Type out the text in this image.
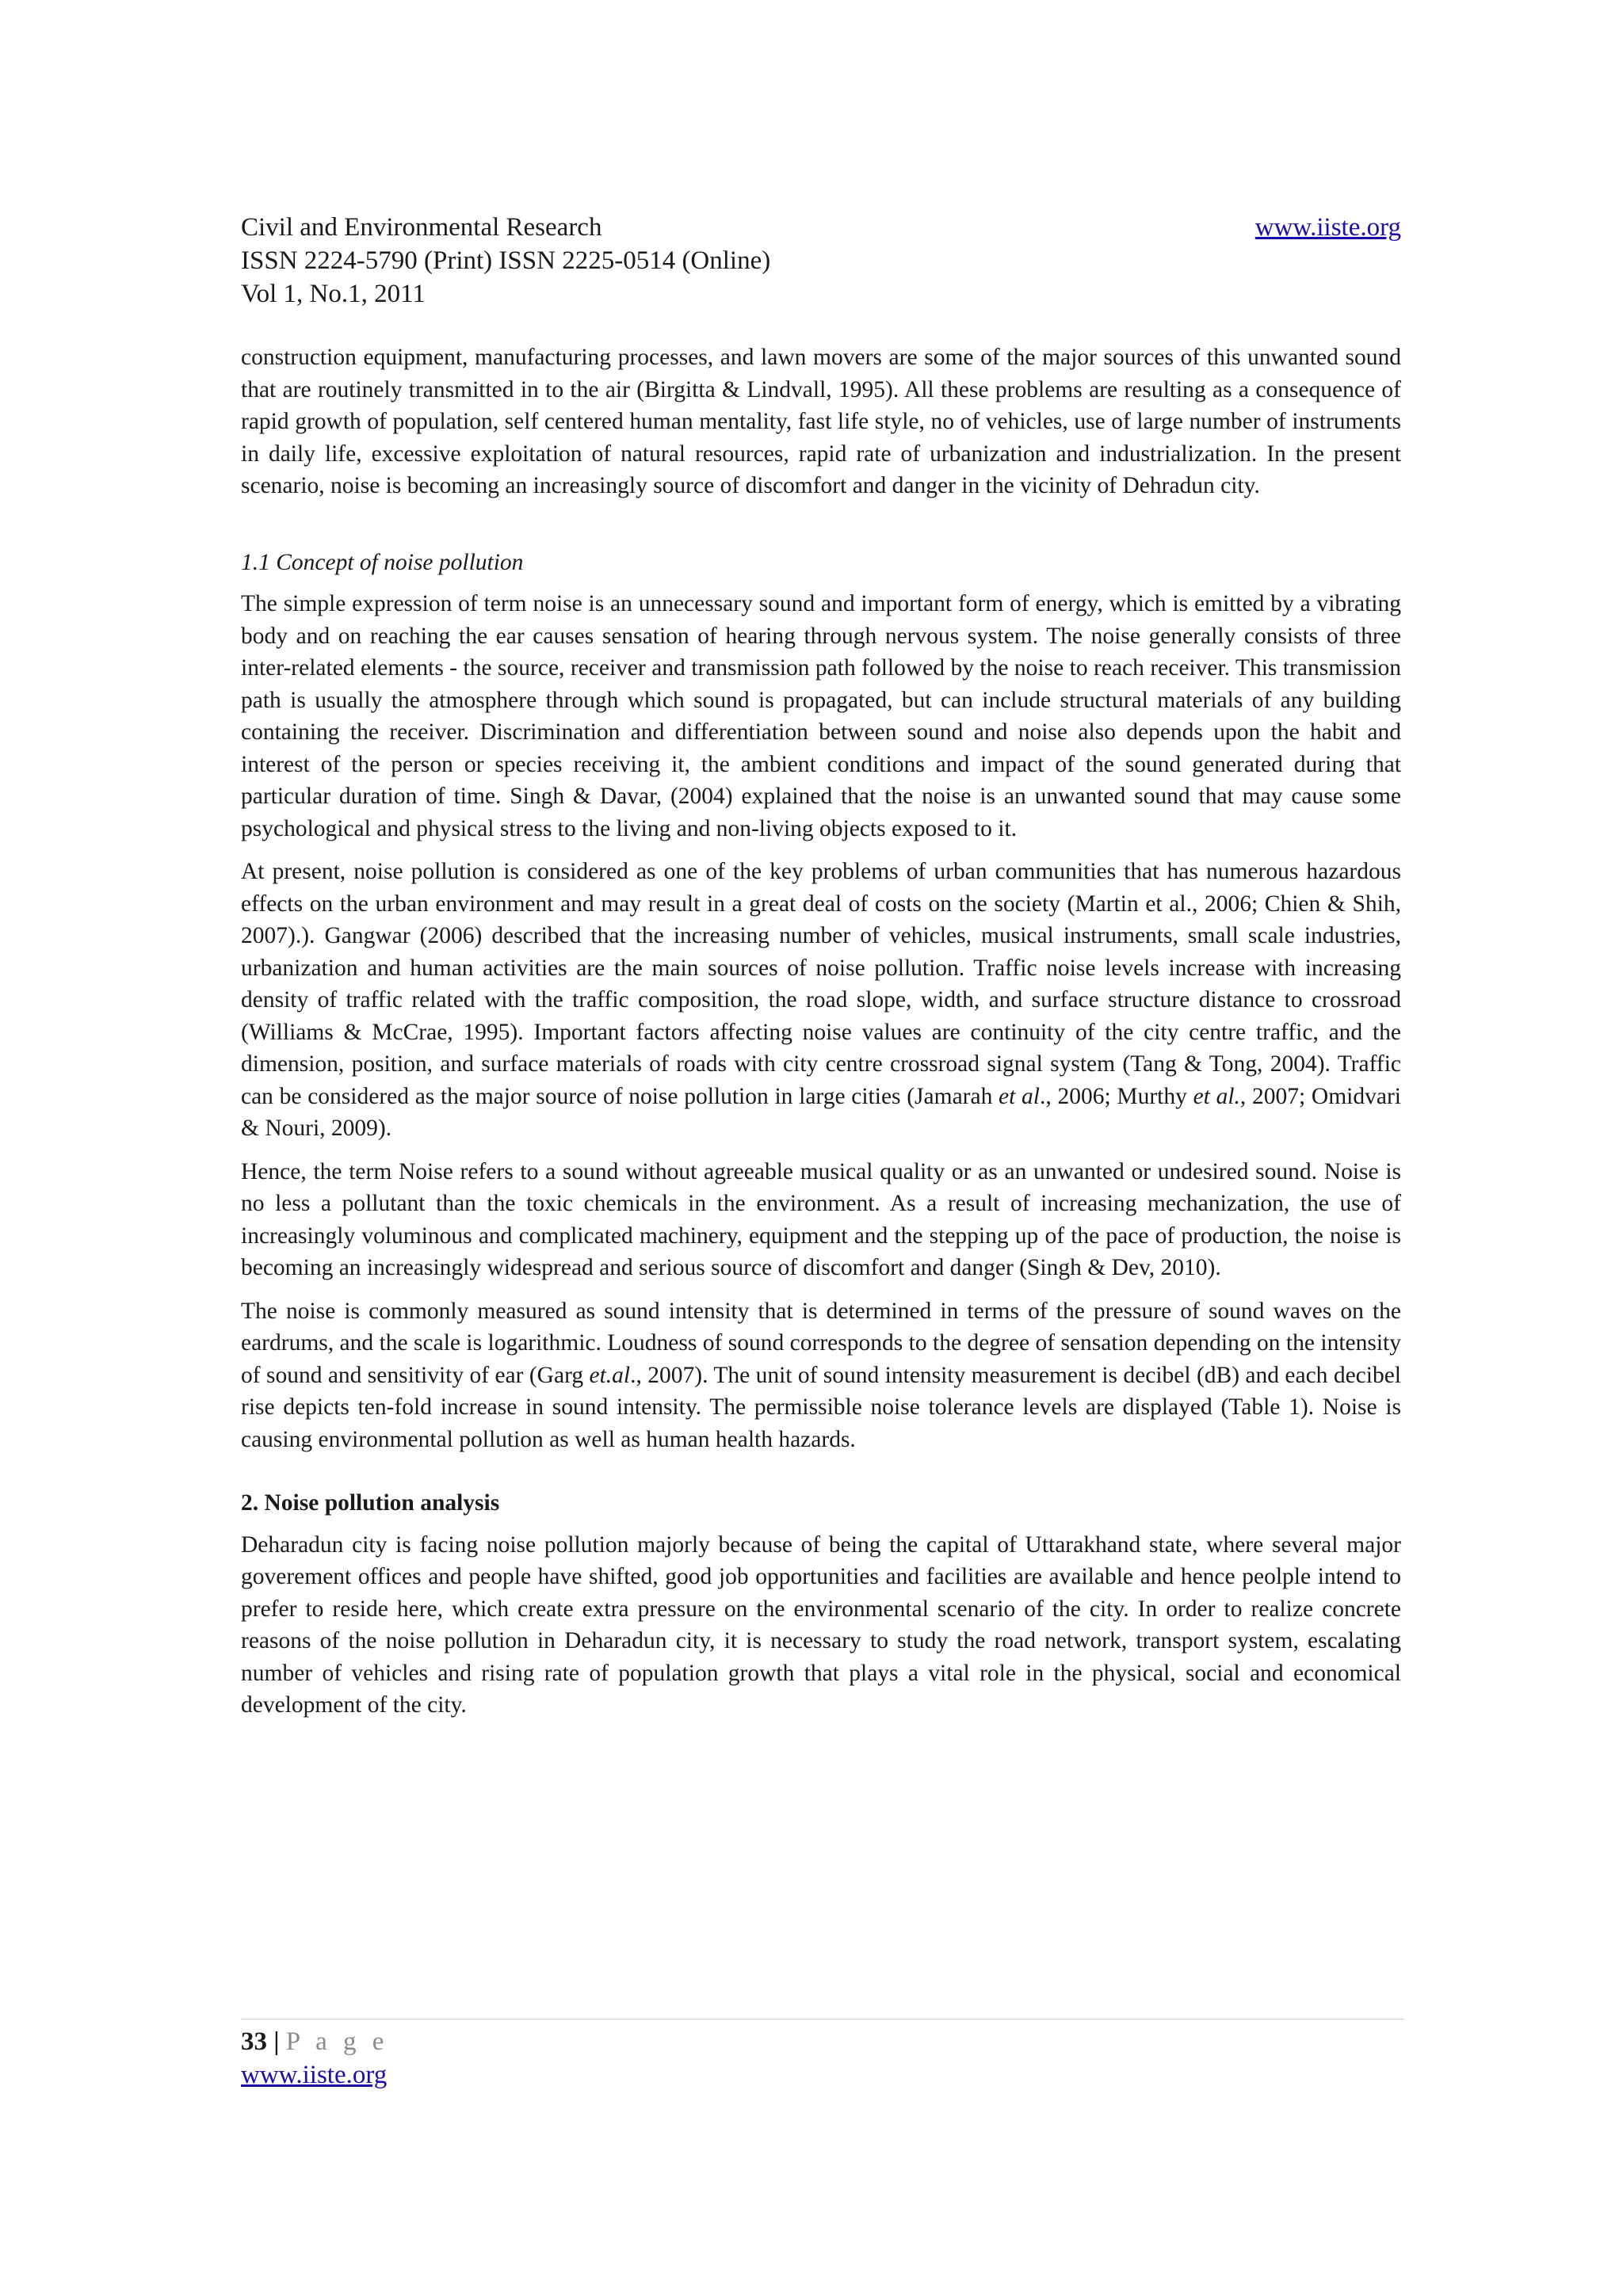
Civil and Environmental Research
ISSN 2224-5790 (Print) ISSN 2225-0514 (Online)
Vol 1, No.1, 2011
www.iiste.org

construction equipment, manufacturing processes, and lawn movers are some of the major sources of this unwanted sound that are routinely transmitted in to the air (Birgitta & Lindvall, 1995). All these problems are resulting as a consequence of rapid growth of population, self centered human mentality, fast life style, no of vehicles, use of large number of instruments in daily life, excessive exploitation of natural resources, rapid rate of urbanization and industrialization. In the present scenario, noise is becoming an increasingly source of discomfort and danger in the vicinity of Dehradun city.

1.1 Concept of noise pollution

The simple expression of term noise is an unnecessary sound and important form of energy, which is emitted by a vibrating body and on reaching the ear causes sensation of hearing through nervous system. The noise generally consists of three inter-related elements - the source, receiver and transmission path followed by the noise to reach receiver. This transmission path is usually the atmosphere through which sound is propagated, but can include structural materials of any building containing the receiver. Discrimination and differentiation between sound and noise also depends upon the habit and interest of the person or species receiving it, the ambient conditions and impact of the sound generated during that particular duration of time. Singh & Davar, (2004) explained that the noise is an unwanted sound that may cause some psychological and physical stress to the living and non-living objects exposed to it.

At present, noise pollution is considered as one of the key problems of urban communities that has numerous hazardous effects on the urban environment and may result in a great deal of costs on the society (Martin et al., 2006; Chien & Shih, 2007).). Gangwar (2006) described that the increasing number of vehicles, musical instruments, small scale industries, urbanization and human activities are the main sources of noise pollution. Traffic noise levels increase with increasing density of traffic related with the traffic composition, the road slope, width, and surface structure distance to crossroad (Williams & McCrae, 1995). Important factors affecting noise values are continuity of the city centre traffic, and the dimension, position, and surface materials of roads with city centre crossroad signal system (Tang & Tong, 2004). Traffic can be considered as the major source of noise pollution in large cities (Jamarah et al., 2006; Murthy et al., 2007; Omidvari & Nouri, 2009).

Hence, the term Noise refers to a sound without agreeable musical quality or as an unwanted or undesired sound. Noise is no less a pollutant than the toxic chemicals in the environment. As a result of increasing mechanization, the use of increasingly voluminous and complicated machinery, equipment and the stepping up of the pace of production, the noise is becoming an increasingly widespread and serious source of discomfort and danger (Singh & Dev, 2010).

The noise is commonly measured as sound intensity that is determined in terms of the pressure of sound waves on the eardrums, and the scale is logarithmic. Loudness of sound corresponds to the degree of sensation depending on the intensity of sound and sensitivity of ear (Garg et.al., 2007). The unit of sound intensity measurement is decibel (dB) and each decibel rise depicts ten-fold increase in sound intensity. The permissible noise tolerance levels are displayed (Table 1). Noise is causing environmental pollution as well as human health hazards.

2. Noise pollution analysis

Deharadun city is facing noise pollution majorly because of being the capital of Uttarakhand state, where several major goverement offices and people have shifted, good job opportunities and facilities are available and hence peolple intend to prefer to reside here, which create extra pressure on the environmental scenario of the city. In order to realize concrete reasons of the noise pollution in Deharadun city, it is necessary to study the road network, transport system, escalating number of vehicles and rising rate of population growth that plays a vital role in the physical, social and economical development of the city.

33 | P a g e
www.iiste.org
